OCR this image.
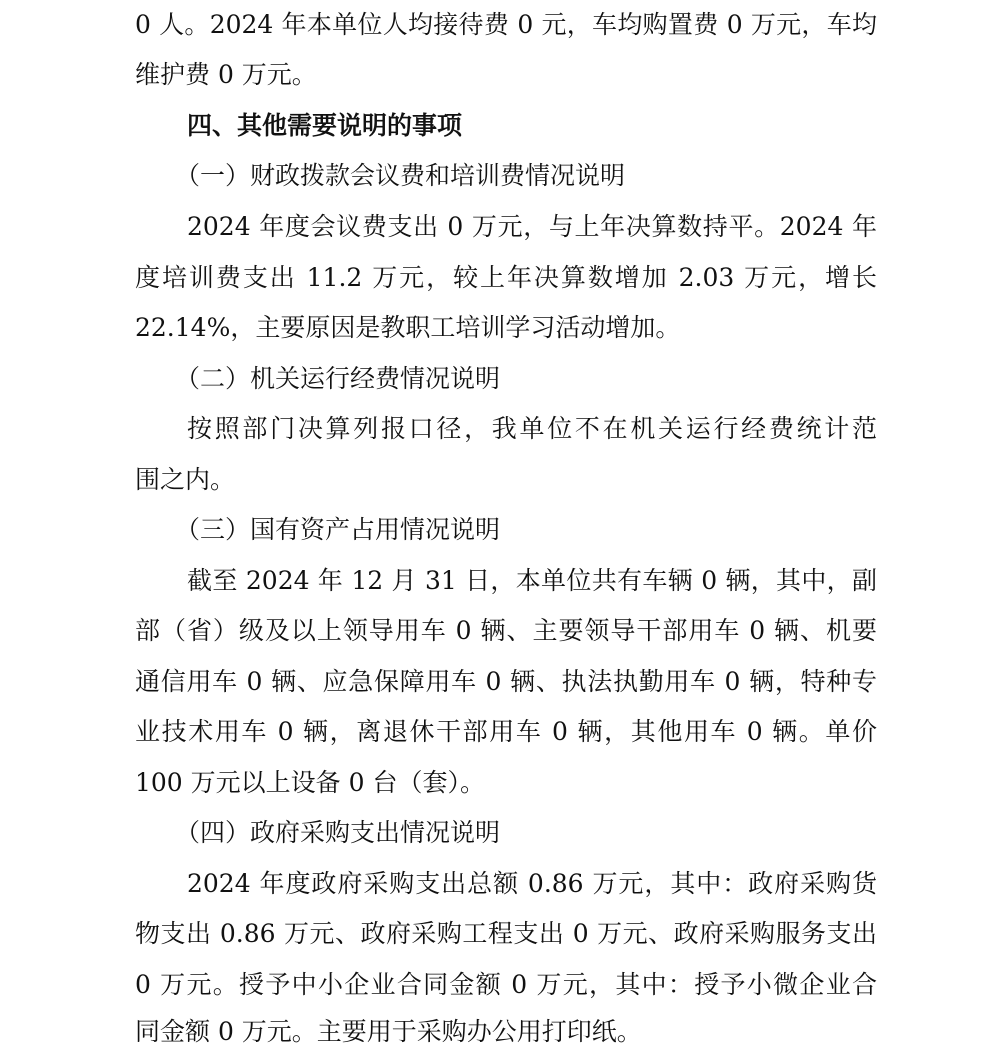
0 人。2024 年本单位人均接待费 0 元，车均购置费 0 万元，车均
维护费 0 万元。
四、其他需要说明的事项
（一）财政拨款会议费和培训费情况说明
2024 年度会议费支出 0 万元，与上年决算数持平。2024 年
度培训费支出 11.2 万元，较上年决算数增加 2.03 万元，增长
22.14%，主要原因是教职工培训学习活动增加。
（二）机关运行经费情况说明
按照部门决算列报口径，我单位不在机关运行经费统计范
围之内。
（三）国有资产占用情况说明
截至 2024 年 12 月 31 日，本单位共有车辆 0 辆，其中，副
部（省）级及以上领导用车 0 辆、主要领导干部用车 0 辆、机要
通信用车 0 辆、应急保障用车 0 辆、执法执勤用车 0 辆，特种专
业技术用车 0 辆，离退休干部用车 0 辆，其他用车 0 辆。单价
100 万元以上设备 0 台（套）。
（四）政府采购支出情况说明
2024 年度政府采购支出总额 0.86 万元，其中：政府采购货
物支出 0.86 万元、政府采购工程支出 0 万元、政府采购服务支出
0 万元。授予中小企业合同金额 0 万元，其中：授予小微企业合
同金额 0 万元。主要用于采购办公用打印纸。
